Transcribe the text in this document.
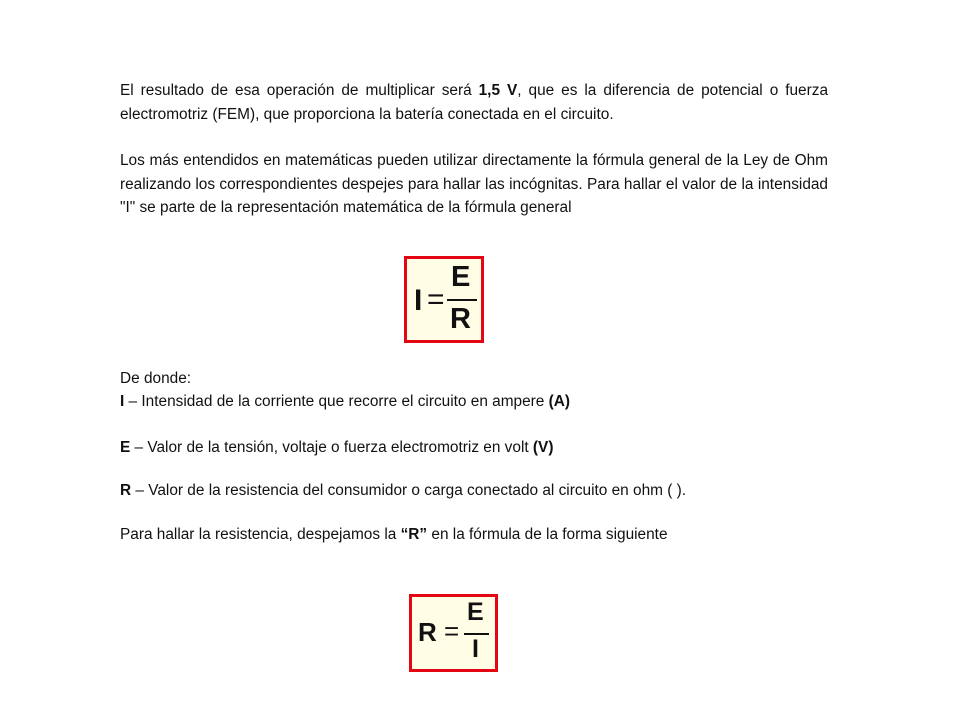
El resultado de esa operación de multiplicar será 1,5 V, que es la diferencia de potencial o fuerza electromotriz (FEM), que proporciona la batería conectada en el circuito.
Los más entendidos en matemáticas pueden utilizar directamente la fórmula general de la Ley de Ohm realizando los correspondientes despejes para hallar las incógnitas. Para hallar el valor de la intensidad "I" se parte de la representación matemática de la fórmula general
I =
E
R
De donde:
I – Intensidad de la corriente que recorre el circuito en ampere (A)
E – Valor de la tensión, voltaje o fuerza electromotriz en volt (V)
R – Valor de la resistencia del consumidor o carga conectado al circuito en ohm ( ).
Para hallar la resistencia, despejamos la “R” en la fórmula de la forma siguiente
R =
E
I
